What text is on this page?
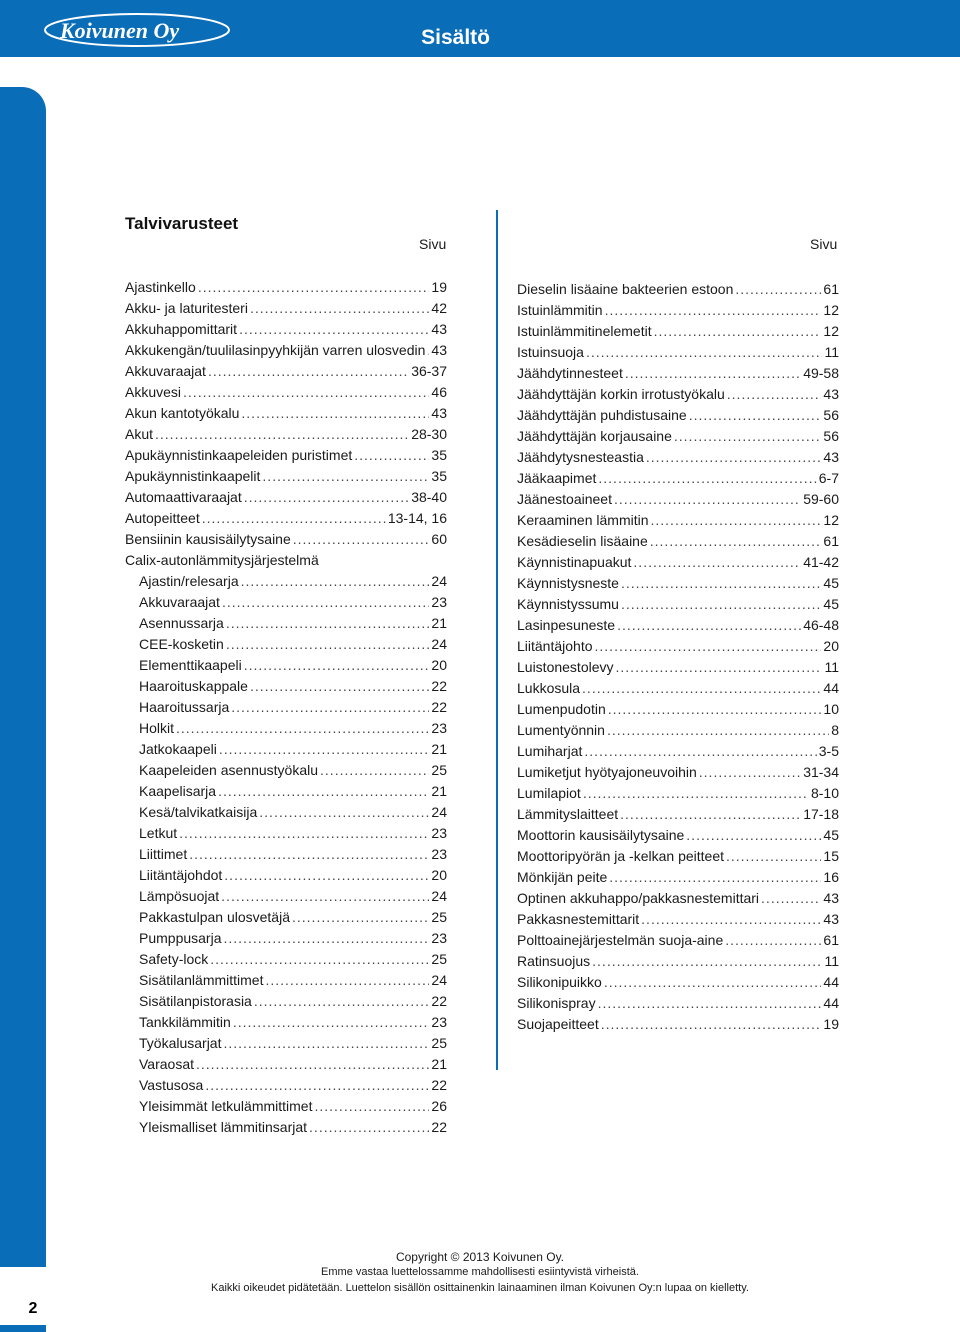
Koivunen Oy	Sisältö
2
Talvivarusteet
Sivu	Sivu
Ajastinkello .....	19
Akku- ja laturitesteri .....	42
Akkuhappomittarit .....	43
Akkukengän/tuulilasinpyyhkijän varren ulosvedin ..... 43
Akkuvaraajat .....	36-37
Akkuvesi .....	46
Akun kantotyökalu .....	43
Akut .....	28-30
Apukäynnistinkaapeleiden puristimet .....	35
Apukäynnistinkaapelit .....	35
Automaattivaraajat .....	38-40
Autopeitteet .....	13-14, 16
Bensiinin kausisäilytysaine .....	60
Calix-autonlämmitysjärjestelmä
Ajastin/relesarja .....	24
Akkuvaraajat .....	23
Asennussarja .....	21
CEE-kosketin .....	24
Elementtikaapeli .....	20
Haaroituskappale .....	22
Haaroitussarja .....	22
Holkit .....	23
Jatkokaapeli .....	21
Kaapeleiden asennustyökalu .....	25
Kaapelisarja .....	21
Kesä/talvikatkaisija .....	24
Letkut .....	23
Liittimet .....	23
Liitäntäjohdot .....	20
Lämpösuojat .....	24
Pakkastulpan ulosvetäjä .....	25
Pumppusarja .....	23
Safety-lock .....	25
Sisätilanlämmittimet .....	24
Sisätilanpistorasia .....	22
Tankkilämmitin .....	23
Työkalusarjat .....	25
Varaosat .....	21
Vastusosa .....	22
Yleisimmät letkulämmittimet .....	26
Yleismalliset lämmitinsarjat .....	22
Dieselin lisäaine bakteerien estoon .....	61
Istuinlämmitin .....	12
Istuinlämmitinelemetit .....	12
Istuinsuoja .....	11
Jäähdytinnesteet .....	49-58
Jäähdyttäjän korkin irrotustyökalu .....	43
Jäähdyttäjän puhdistusaine .....	56
Jäähdyttäjän korjausaine .....	56
Jäähdytysnesteastia .....	43
Jääkaapimet .....	6-7
Jäänestoaineet .....	59-60
Keraaminen lämmitin .....	12
Kesädieselin lisäaine .....	61
Käynnistinapuakut .....	41-42
Käynnistysneste .....	45
Käynnistyssumu .....	45
Lasinpesuneste .....	46-48
Liitäntäjohto .....	20
Luistonestolevy .....	11
Lukkosula .....	44
Lumenpudotin .....	10
Lumentyönnin .....	8
Lumiharjat .....	3-5
Lumiketjut hyötyajoneuvoihin .....	31-34
Lumilapiot .....	8-10
Lämmityslaitteet .....	17-18
Moottorin kausisäilytysaine .....	45
Moottoripyörän ja -kelkan peitteet .....	15
Mönkijän peite .....	16
Optinen akkuhappo/pakkasnestemittari .....	43
Pakkasnestemittarit .....	43
Polttoainejärjestelmän suoja-aine .....	61
Ratinsuojus .....	11
Silikonipuikko .....	44
Silikonispray .....	44
Suojapeitteet .....	19
Copyright © 2013 Koivunen Oy.
Emme vastaa luettelossamme mahdollisesti esiintyvistä virheistä.
Kaikki oikeudet pidätetään. Luettelon sisällön osittainenkin lainaaminen ilman Koivunen Oy:n lupaa on kielletty.
